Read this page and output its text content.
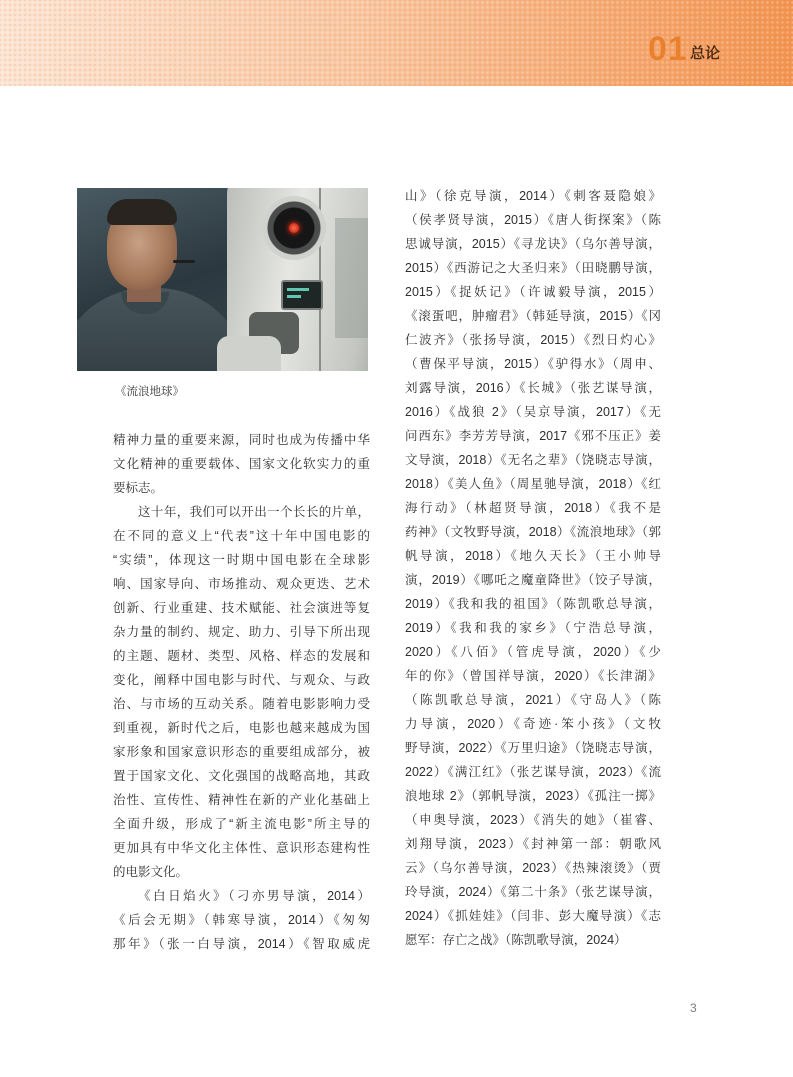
01 总论
《流浪地球》
精神力量的重要来源，同时也成为传播中华
文化精神的重要载体、国家文化软实力的重
要标志。
这十年，我们可以开出一个长长的片单，
在不同的意义上“代表”这十年中国电影的
“实绩”，体现这一时期中国电影在全球影
响、国家导向、市场推动、观众更迭、艺术
创新、行业重建、技术赋能、社会演进等复
杂力量的制约、规定、助力、引导下所出现
的主题、题材、类型、风格、样态的发展和
变化，阐释中国电影与时代、与观众、与政
治、与市场的互动关系。随着电影影响力受
到重视，新时代之后，电影也越来越成为国
家形象和国家意识形态的重要组成部分，被
置于国家文化、文化强国的战略高地，其政
治性、宣传性、精神性在新的产业化基础上
全面升级，形成了“新主流电影”所主导的
更加具有中华文化主体性、意识形态建构性
的电影文化。
《白日焰火》（刁亦男导演，2014）
《后会无期》（韩寒导演，2014）《匆匆
那年》（张一白导演，2014）《智取威虎
山》（徐克导演，2014）《刺客聂隐娘》
（侯孝贤导演，2015）《唐人街探案》（陈
思诚导演，2015）《寻龙诀》（乌尔善导演，
2015）《西游记之大圣归来》（田晓鹏导演，
2015）《捉妖记》（许诚毅导演，2015）
《滚蛋吧，肿瘤君》（韩延导演，2015）《冈
仁波齐》（张扬导演，2015）《烈日灼心》
（曹保平导演，2015）《驴得水》（周申、
刘露导演，2016）《长城》（张艺谋导演，
2016）《战狼 2》（吴京导演，2017）《无
问西东》李芳芳导演，2017《邪不压正》姜
文导演，2018）《无名之辈》（饶晓志导演，
2018）《美人鱼》（周星驰导演，2018）《红
海行动》（林超贤导演，2018）《我不是
药神》（文牧野导演，2018）《流浪地球》（郭
帆导演，2018）《地久天长》（王小帅导
演，2019）《哪吒之魔童降世》（饺子导演，
2019）《我和我的祖国》（陈凯歌总导演，
2019）《我和我的家乡》（宁浩总导演，
2020）《八佰》（管虎导演，2020）《少
年的你》（曾国祥导演，2020）《长津湖》
（陈凯歌总导演，2021）《守岛人》（陈
力导演，2020）《奇迹·笨小孩》（文牧
野导演，2022）《万里归途》（饶晓志导演，
2022）《满江红》（张艺谋导演，2023）《流
浪地球 2》（郭帆导演，2023）《孤注一掷》
（申奥导演，2023）《消失的她》（崔睿、
刘翔导演，2023）《封神第一部：朝歌风
云》（乌尔善导演，2023）《热辣滚烫》（贾
玲导演，2024）《第二十条》（张艺谋导演，
2024）《抓娃娃》（闫非、彭大魔导演）《志
愿军：存亡之战》（陈凯歌导演，2024）
3
